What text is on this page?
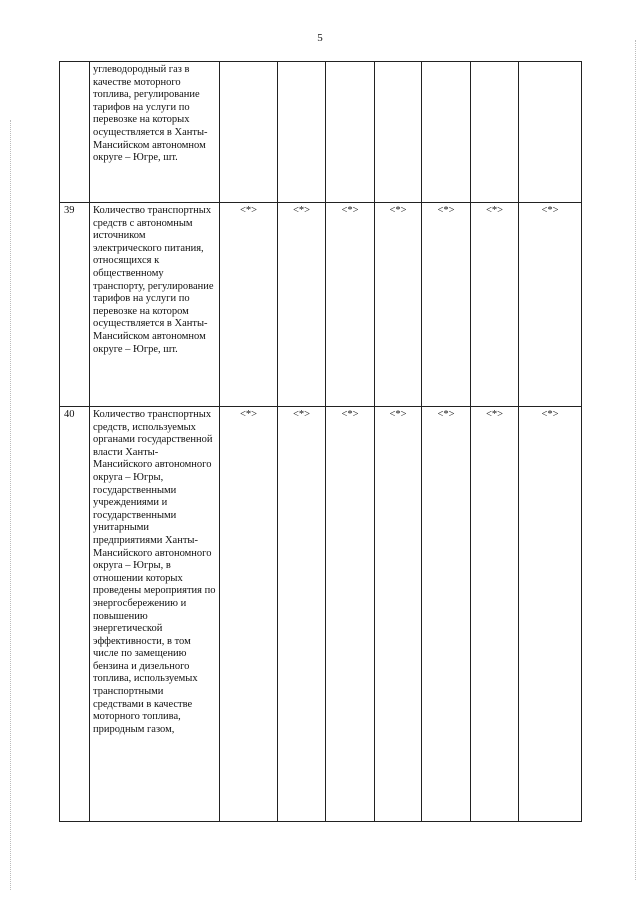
5
	углеводородный газ в качестве моторного топлива, регулирование тарифов на услуги по перевозке на которых осуществляется в Ханты-Мансийском автономном округе – Югре, шт.							
39	Количество транспортных средств с автономным источником электрического питания, относящихся к общественному транспорту, регулирование тарифов на услуги по перевозке на котором осуществляется в Ханты-Мансийском автономном округе – Югре, шт.	<*>	<*>	<*>	<*>	<*>	<*>	<*>
40	Количество транспортных средств, используемых органами государственной власти Ханты-Мансийского автономного округа – Югры, государственными учреждениями и государственными унитарными предприятиями Ханты-Мансийского автономного округа – Югры, в отношении которых проведены мероприятия по энергосбережению и повышению энергетической эффективности, в том числе по замещению бензина и дизельного топлива, используемых транспортными средствами в качестве моторного топлива, природным газом,	<*>	<*>	<*>	<*>	<*>	<*>	<*>
